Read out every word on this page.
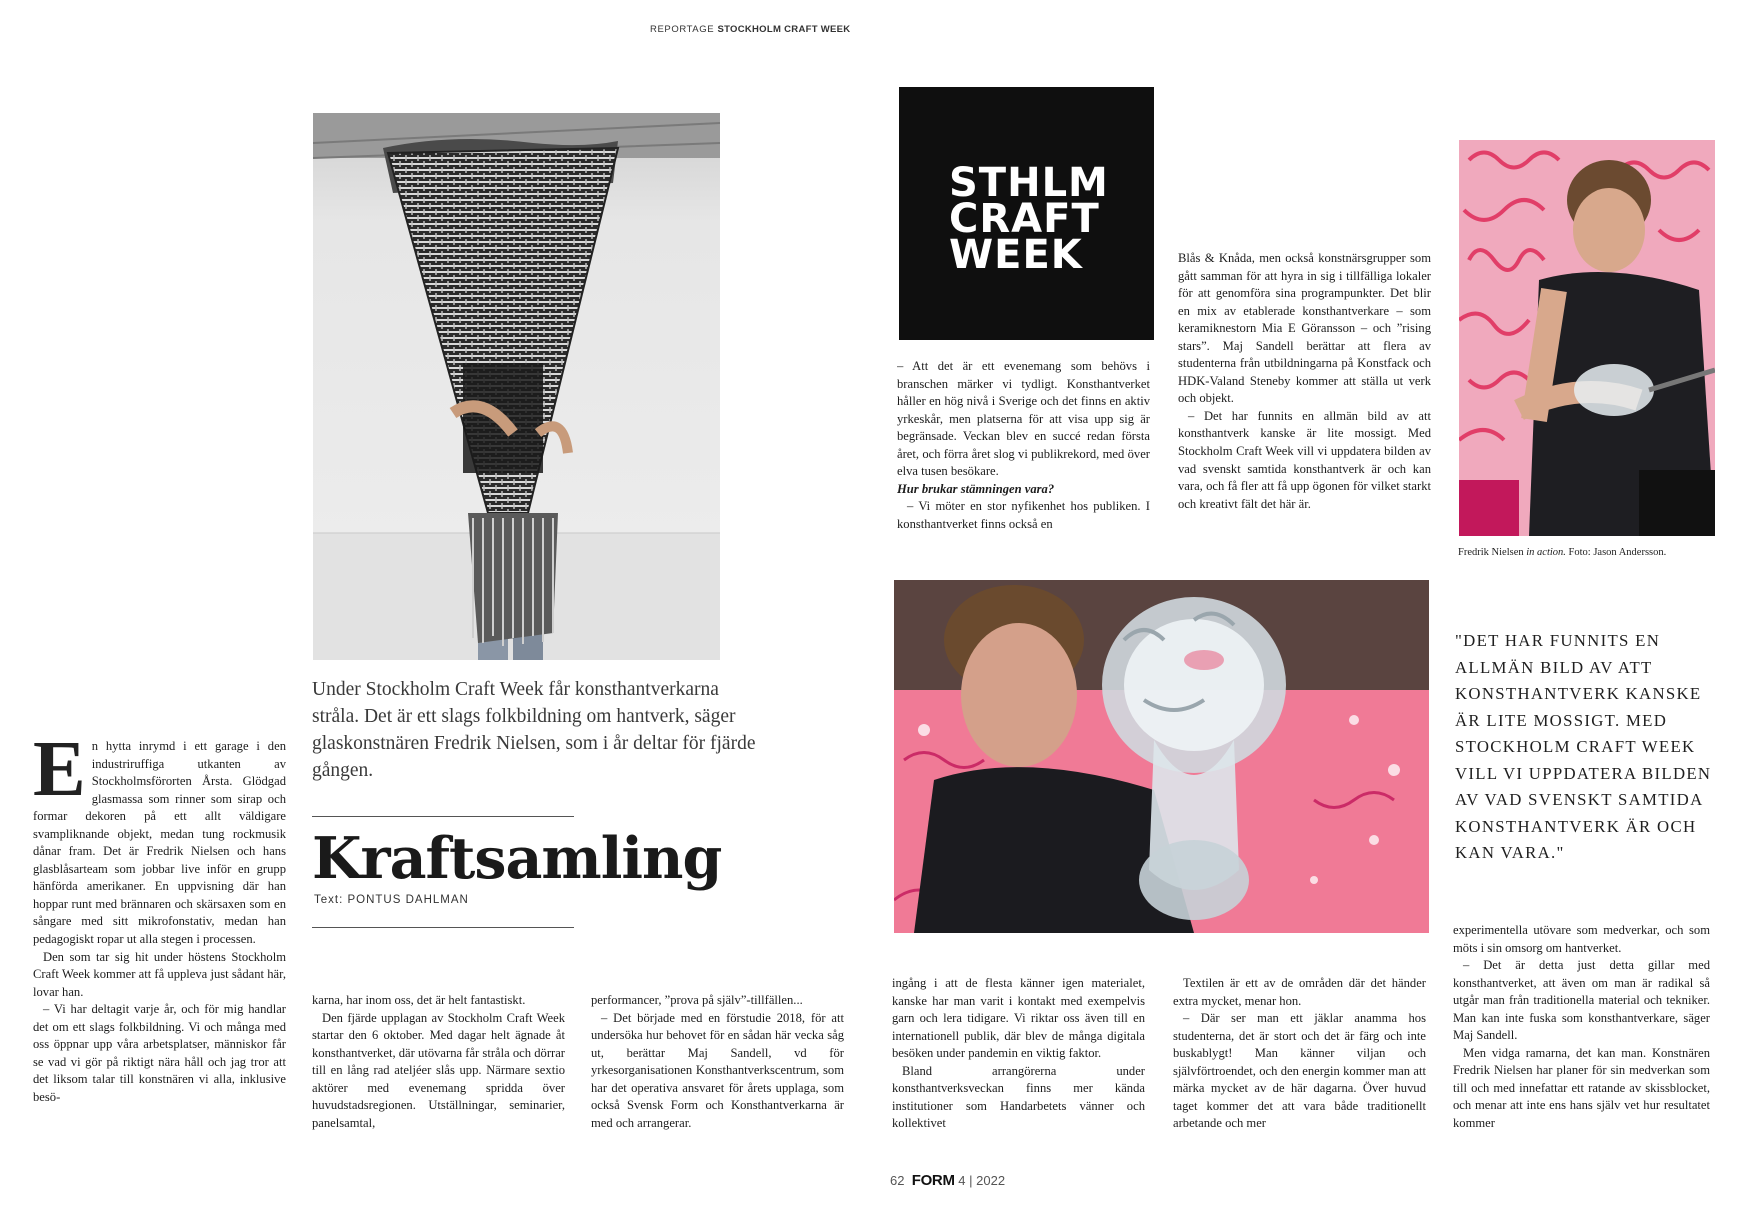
REPORTAGE STOCKHOLM CRAFT WEEK
STHLM
CRAFT
WEEK
Fredrik Nielsen in action. Foto: Jason Andersson.

En hytta inrymd i ett garage i den industriruffiga utkanten av Stockholmsförorten Årsta. Glödgad glasmassa som rinner som sirap och formar dekoren på ett allt väldigare svampliknande objekt, medan tung rockmusik dånar fram. Det är Fredrik Nielsen och hans glasblåsarteam som jobbar live inför en grupp hänförda amerikaner. En uppvisning där han hoppar runt med brännaren och skärsaxen som en sångare med sitt mikrofonstativ, medan han pedagogiskt ropar ut alla stegen i processen.

Den som tar sig hit under höstens Stockholm Craft Week kommer att få uppleva just sådant här, lovar han.

– Vi har deltagit varje år, och för mig handlar det om ett slags folkbildning. Vi och många med oss öppnar upp våra arbetsplatser, människor får se vad vi gör på riktigt nära håll och jag tror att det liksom talar till konstnären vi alla, inklusive besö-

Under Stockholm Craft Week får konsthantverkarna stråla. Det är ett slags folkbildning om hantverk, säger glaskonstnären Fredrik Nielsen, som i år deltar för fjärde gången.
Kraftsamling
Text: PONTUS DAHLMAN

karna, har inom oss, det är helt fantastiskt.

Den fjärde upplagan av Stockholm Craft Week startar den 6 oktober. Med dagar helt ägnade åt konsthantverket, där utövarna får stråla och dörrar till en lång rad ateljéer slås upp. Närmare sextio aktörer med evenemang spridda över huvudstadsregionen. Utställningar, seminarier, panelsamtal,

performancer, ”prova på själv”-tillfällen...

– Det började med en förstudie 2018, för att undersöka hur behovet för en sådan här vecka såg ut, berättar Maj Sandell, vd för yrkesorganisationen Konsthantverkscentrum, som har det operativa ansvaret för årets upplaga, som också Svensk Form och Konsthantverkarna är med och arrangerar.

– Att det är ett evenemang som behövs i branschen märker vi tydligt. Konsthantverket håller en hög nivå i Sverige och det finns en aktiv yrkeskår, men platserna för att visa upp sig är begränsade. Veckan blev en succé redan första året, och förra året slog vi publikrekord, med över elva tusen besökare.

Hur brukar stämningen vara?

– Vi möter en stor nyfikenhet hos publiken. I konsthantverket finns också en

Blås & Knåda, men också konstnärsgrupper som gått samman för att hyra in sig i tillfälliga lokaler för att genomföra sina programpunkter. Det blir en mix av etablerade konsthantverkare – som keramiknestorn Mia E Göransson – och ”rising stars”. Maj Sandell berättar att flera av studenterna från utbildningarna på Konstfack och HDK-Valand Steneby kommer att ställa ut verk och objekt.

– Det har funnits en allmän bild av att konsthantverk kanske är lite mossigt. Med Stockholm Craft Week vill vi uppdatera bilden av vad svenskt samtida konsthantverk är och kan vara, och få fler att få upp ögonen för vilket starkt och kreativt fält det här är.

"DET HAR FUNNITS EN ALLMÄN BILD AV ATT KONSTHANTVERK KANSKE ÄR LITE MOSSIGT. MED STOCKHOLM CRAFT WEEK VILL VI UPPDATERA BILDEN AV VAD SVENSKT SAMTIDA KONSTHANTVERK ÄR OCH KAN VARA."

ingång i att de flesta känner igen materialet, kanske har man varit i kontakt med exempelvis garn och lera tidigare. Vi riktar oss även till en internationell publik, där blev de många digitala besöken under pandemin en viktig faktor.

Bland arrangörerna under konsthantverksveckan finns mer kända institutioner som Handarbetets vänner och kollektivet

Textilen är ett av de områden där det händer extra mycket, menar hon.

– Där ser man ett jäklar anamma hos studenterna, det är stort och det är färg och inte buskablygt! Man känner viljan och självförtroendet, och den energin kommer man att märka mycket av de här dagarna. Över huvud taget kommer det att vara både traditionellt arbetande och mer

experimentella utövare som medverkar, och som möts i sin omsorg om hantverket.

– Det är detta just detta gillar med konsthantverket, att även om man är radikal så utgår man från traditionella material och tekniker. Man kan inte fuska som konsthantverkare, säger Maj Sandell.

Men vidga ramarna, det kan man. Konstnären Fredrik Nielsen har planer för sin medverkan som till och med innefattar ett ratande av skissblocket, och menar att inte ens hans själv vet hur resultatet kommer

62 FORM 4 | 2022
